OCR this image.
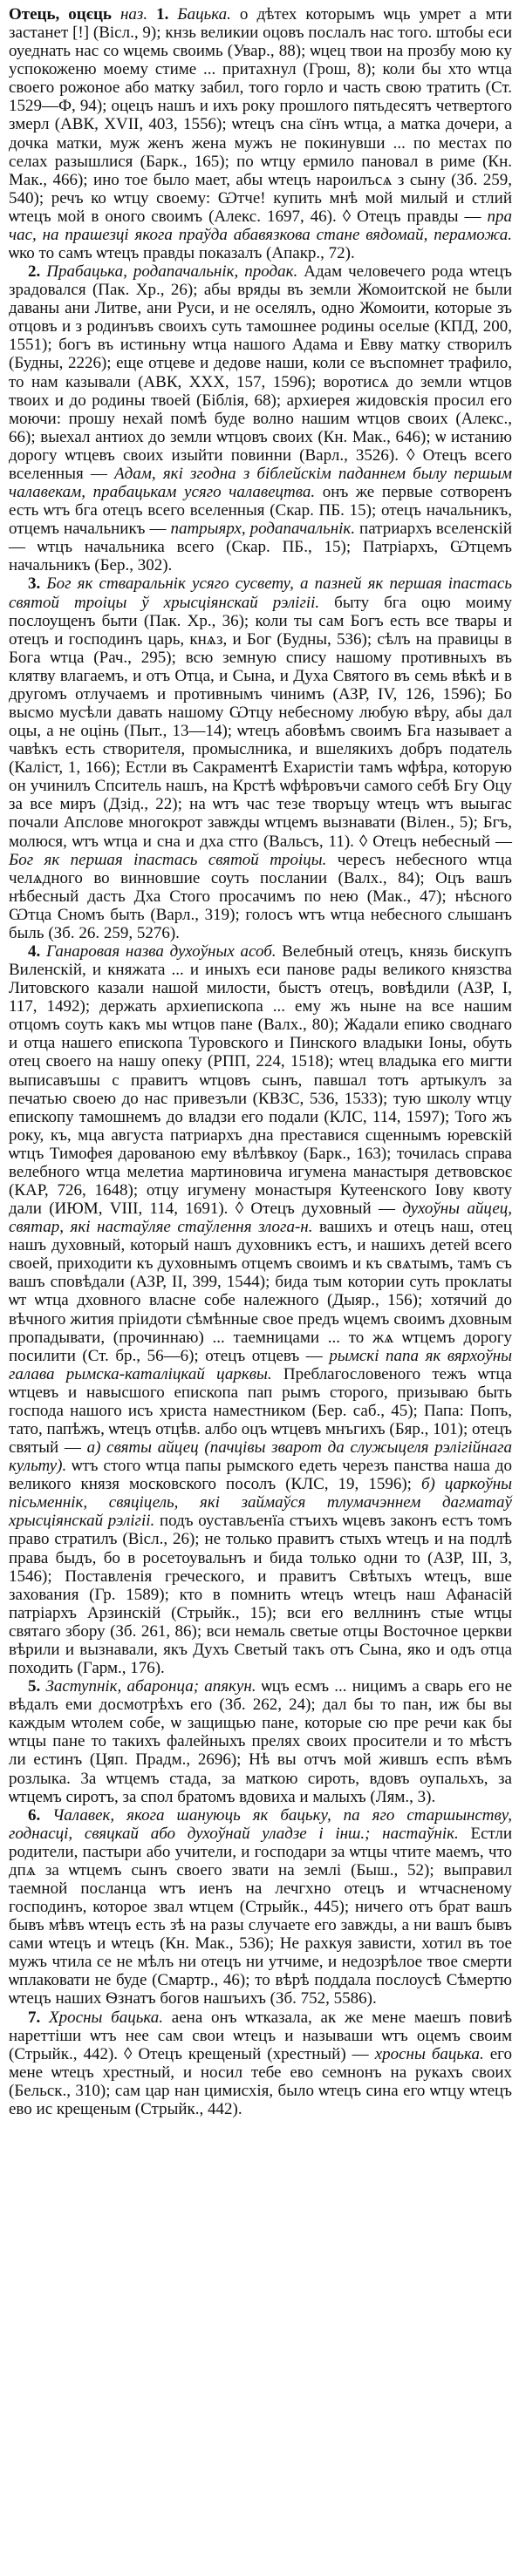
Отець, оцєць наз. 1. Бацька. о дѣтех которымъ ѡць умрет а мти застанет [!] (Вісл., 9); кнзь великии оцовъ послалъ нас того. штобы еси оуеднать нас со ѡцемь своимь (Увар., 88); ѡцец твои на прозбу мою ку успокоженю моему стиме ... притахнул (Грош, 8); коли бы хто ѡтца своего рожоное або матку забил, того горло и часть свою тратить (Ст. 1529—Ф, 94); оцецъ нашъ и ихъ року прошлого пятьдесятъ четвертого змерл (АВК, XVII, 403, 1556); ѡтецъ сна сїнъ ѡтца, а матка дочери, а дочка матки, муж женъ жена мужъ не покинувши ... по местах по селах разышлися (Барк., 165); по ѡтцу ермило пановал в риме (Кн. Мак., 466); ино тое было мает, абы ѡтецъ нароилъсѧ з сыну (Зб. 259, 540); речъ ко ѡтцу своему: Ѡтче! купить мнѣ мой милый и стлий ѡтецъ мой в оного своимъ (Алекс. 1697, 46). ◊ Отецъ правды — пра час, на прашезці якога праўда абавязкова стане вядомай, пераможа. ѡко то самъ ѡтецъ правды показалъ (Апакр., 72).

2. Прабацька, родапачальнік, продак. Адам человечего рода ѡтецъ зрадовался (Пак. Хр., 26); абы вряды въ земли Жомоитской не были даваны ани Литве, ани Руси, и не оселялъ, одно Жомоити, которые зъ отцовъ и з родинъвъ своихъ суть тамошнее родины оселые (КПД, 200, 1551); богъ въ истиньну ѡтца нашого Адама и Евву матку створилъ (Будны, 2226); еще отцеве и дедове наши, коли се въспомнет трафило, то нам казывали (АВК, XXX, 157, 1596); воротисѧ до земли ѡтцов твоих и до родины твоей (Біблія, 68); архиерея жидовскія просил его моючи: прошу нехай помѣ буде волно нашим ѡтцов своих (Алекс., 66); выехал антиох до земли ѡтцовъ своих (Кн. Мак., 646); ѡ истанию дорогу ѡтцевъ своих изыйти повинни (Варл., 3526). ◊ Отецъ всего вселенныя — Адам, які згодна з біблейскім паданнем былу першым чалавекам, прабацькам усяго чалавецтва. онъ же первые сотворенъ есть ѡтъ бга отецъ всего вселенныя (Скар. ПБ. 15); отецъ начальникъ, отцемъ начальникъ — патрыярх, родапачальнік. патриархъ вселенскій — ѡтцъ начальника всего (Скар. ПБ., 15); Патріархъ, Ѡтцемъ начальникъ (Бер., 302).

3. Бог як стваральнік усяго сусвету, а пазней як першая іпастась святой троіцы ў хрысціянскай рэлігіі. быту бга оцю моиму послоущенъ быти (Пак. Хр., 36); коли ты сам Богъ есть все твары и отецъ и господинъ царь, кнѧз, и Бог (Будны, 536); сѣлъ на правицы в Бога ѡтца (Рач., 295); всю земную спису нашому противныхъ въ клятву влагаемъ, и отъ Отца, и Сына, и Духа Святого въ семь вѣкѣ и в другомъ отлучаемъ и противнымъ чинимъ (АЗР, IV, 126, 1596); Бо высмо мусѣли давать нашому Ѡтцу небесному любую вѣру, абы дал оцы, а не оцінь (Пыт., 13—14); ѡтецъ абовѣмъ своимъ Бга называет а чавѣкъ есть створителя, промыслника, и вшелякихъ добръ податель (Каліст, 1, 166); Естли въ Сакраментѣ Ехаристіи тамъ ѡфѣра, которую он учинилъ Спситель нашъ, на Крстѣ ѡфѣровъчи самого себѣ Бгу Оцу за все миръ (Дзід., 22); на ѡтъ час тезе творъцу ѡтецъ ѡтъ выыгас почали Апслове многокрот завжды ѡтцемъ вызнавати (Вілен., 5); Бгъ, молюся, ѡтъ ѡтца и сна и дха стго (Вальсъ, 11). ◊ Отецъ небесный — Бог як першая іпастась святой троіцы. чересъ небесного ѡтца челѧдного во винновшие соуть послании (Валх., 84); Оцъ вашъ нѣбесный дасть Дха Стого просачимъ по нею (Мак., 47); нѣсного Ѡтца Сномъ быть (Варл., 319); голосъ ѡтъ ѡтца небесного слышанъ быль (Зб. 26. 259, 5276).

4. Ганаровая назва духоўных асоб. Велебный отецъ, князь бискупъ Виленскій, и княжата ... и иныхъ еси панове рады великого князства Литовского казали нашой милости, быстъ отецъ, вовѣдили (АЗР, I, 117, 1492); держать архиепископа ... ему жъ ныне на все нашим отцомъ соуть какъ мы ѡтцов пане (Валх., 80); Жадали епико своднаго и отца нашего епископа Туровского и Пинского владыки Iоны, обуть отец своего на нашу опеку (РПП, 224, 1518); ѡтец владыка его мигти выписавъшы с правитъ ѡтцовъ сынъ, павшал тотъ артыкулъ за печатью своею до нас привезъли (КВЗС, 536, 1533); тую школу ѡтцу епископу тамошнемъ до владзи его подали (КЛС, 114, 1597); Того жъ року, къ, мца августа патриархъ дна преставися сщеннымъ юревскій ѡтцъ Тимофея дарованою ему вѣлѣвкоу (Барк., 163); точилась справа велебного ѡтца мелетиа мартиновича игумена манастыря детвовскоє (КАР, 726, 1648); отцу игумену монастыря Кутеенского Iову квоту дали (ИЮМ, VIII, 114, 1691). ◊ Отецъ духовный — духоўны айцец, святар, які настаўляе стаўлення злога-н. вашихъ и отецъ наш, отец нашъ духовный, который нашъ духовникъ естъ, и нашихъ детей всего своей, приходити къ духовнымъ отцемъ своимъ и къ свѧтымъ, тамъ съ вашъ сповѣдали (АЗР, II, 399, 1544); бида тым котории суть проклаты ѡт ѡтца дховного власне собе належного (Дыяр., 156); хотячий до вѣчного жития пріидоти сѣмѣнные свое предъ ѡцемъ своимъ дховным пропадывати, (прочиннаю) ... таемницами ... то жѧ ѡтцемъ дорогу посилити (Ст. бр., 56—6); отецъ отцевъ — рымскі папа як вярхоўны галава рымска-каталіцкай царквы. Преблагословеного тежъ ѡтца ѡтцевъ и навысшого епископа пап рымъ сторого, призываю быть господа нашого исъ христа наместником (Бер. саб., 45); Папа: Попъ, тато, папѣжъ, ѡтецъ отцѣв. албо оцъ ѡтцевъ мнъгихъ (Бяр., 101); отецъ святый — а) святы айцец (пачцівы зварот да служыцеля рэлігійнага культу). ѡтъ стого ѡтца папы рымского едеть черезъ панства наша до великого князя московского посолъ (КЛС, 19, 1596); б) царкоўны пісьменнік, свяціцель, які займаўся тлумачэннем дагматаў хрысціянскай рэлігіі. подъ оустављенїа стъихъ ѡцевъ законъ естъ томъ право стратилъ (Вісл., 26); не только правитъ стыхъ ѡтецъ и на подлѣ права быдъ, бо в росетоувальнъ и бида только одни то (АЗР, III, 3, 1546); Поставленія греческого, и правитъ Свѣтыхъ ѡтецъ, вше захования (Гр. 1589); кто в помнить ѡтецъ ѡтецъ наш Афанасій патріархъ Арзинскій (Стрыйк., 15); вси его веллнинъ стые ѡтцы святаго збору (Зб. 261, 86); вси немаль светые отцы Восточное церкви вѣрили и вызнавали, якъ Духъ Светый такъ отъ Сына, яко и одъ отца походить (Гарм., 176).

5. Заступнік, абаронца; апякун. ѡцъ есмъ ... ницимъ а сварь его не вѣдалъ еми досмотрѣхъ его (Зб. 262, 24); дал бы то пан, иж бы вы каждым ѡтолем собе, ѡ защищью пане, которые сю пре речи как бы ѡтцы пане то такихъ фалейныхъ прелях своих просители и то мѣстъ ли естинъ (Цяп. Прадм., 2696); Нѣ вы отчъ мой жившъ еспъ вѣмъ розлыка. 3а ѡтцемъ стада, за маткою сироть, вдовъ оупальхъ, за ѡтцемъ сиротъ, за спол братомъ вдовиха и малыхъ (Лям., 3).

6. Чалавек, якога шануюць як бацьку, па яго старшынству, годнасці, свяцкай або духоўнай уладзе і інш.; настаўнік. Естли родители, пастыри або учители, и господари за ѡтцы чтите маемъ, что дпѧ за ѡтцемъ сынъ своего звати на землі (Быш., 52); выправил таемной посланца ѡтъ иенъ на лечгхно отецъ и ѡтчасненому господинъ, которое звал ѡтцем (Стрыйк., 445); ничего отъ брат вашъ бывъ мѣвъ ѡтецъ есть зѣ на разы случаете его завжды, а ни вашъ бывъ сами ѡтецъ и ѡтецъ (Кн. Мак., 536); Не рахкуя зависти, хотил въ тое мужъ чтила се не мѣлъ ни отецъ ни утчиме, и недозрѣлое твое смерти ѡплаковати не буде (Смартр., 46); то вѣрѣ поддала послоусѣ Сѣмертю ѡтецъ наших Ѳзнатъ богов нашъихъ (Зб. 752, 5586).

7. Хросны бацька. аена онъ ѡтказала, ак же мене маешъ повиѣ нареттіши ѡтъ нее сам свои ѡтецъ и называши ѡтъ оцемъ своим (Стрыйк., 442). ◊ Отецъ крещеный (хрестный) — хросны бацька. его мене ѡтецъ хрестный, и носил тебе ево семнонъ на рукахъ своих (Бельск., 310); сам цар нан цимисхія, было ѡтецъ сина его ѡтцу ѡтецъ ево ис крещеным (Стрыйк., 442).
